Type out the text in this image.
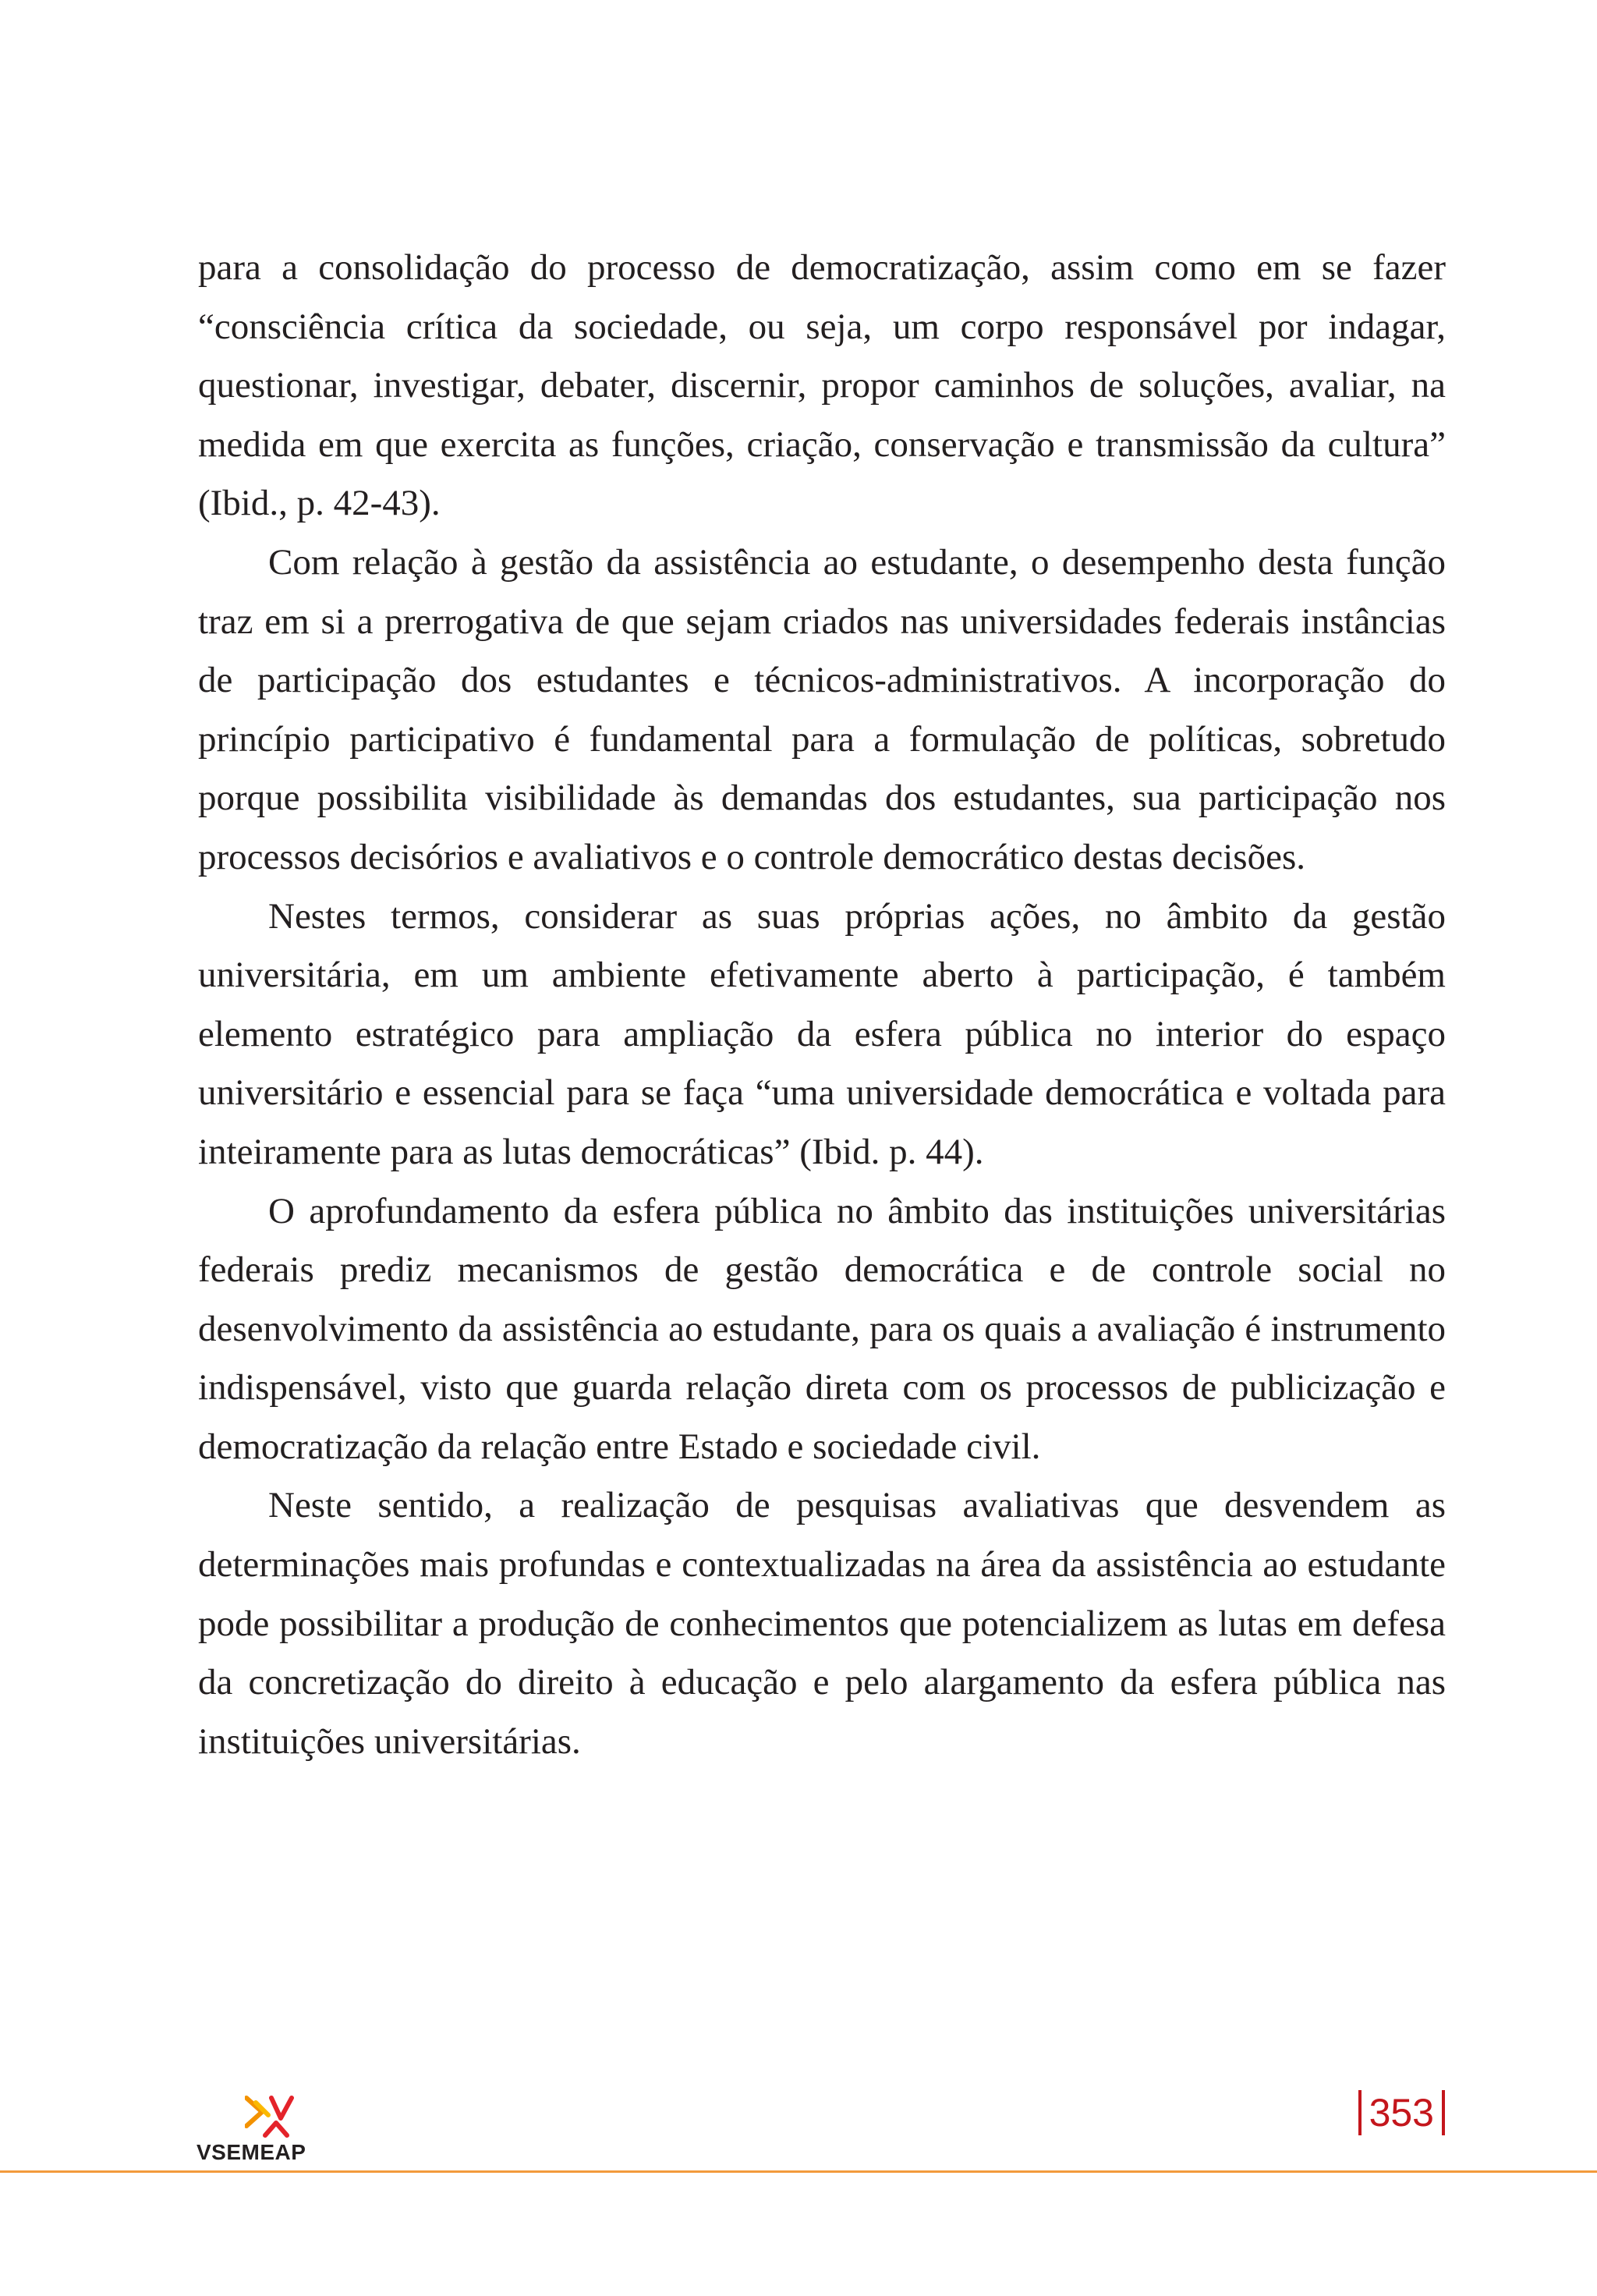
para a consolidação do processo de democratização, assim como em se fazer “consciência crítica da sociedade, ou seja, um corpo responsável por indagar, questionar, investigar, debater, discernir, propor caminhos de soluções, avaliar, na medida em que exercita as funções, criação, conservação e transmissão da cultura” (Ibid., p. 42-43).

Com relação à gestão da assistência ao estudante, o desempenho desta função traz em si a prerrogativa de que sejam criados nas universidades federais instâncias de participação dos estudantes e técnicos-administrativos. A incorporação do princípio participativo é fundamental para a formulação de políticas, sobretudo porque possibilita visibilidade às demandas dos estudantes, sua participação nos processos decisórios e avaliativos e o controle democrático destas decisões.

Nestes termos, considerar as suas próprias ações, no âmbito da gestão universitária, em um ambiente efetivamente aberto à participação, é também elemento estratégico para ampliação da esfera pública no interior do espaço universitário e essencial para se faça “uma universidade democrática e voltada para inteiramente para as lutas democráticas” (Ibid. p. 44).

O aprofundamento da esfera pública no âmbito das instituições universitárias federais prediz mecanismos de gestão democrática e de controle social no desenvolvimento da assistência ao estudante, para os quais a avaliação é instrumento indispensável, visto que guarda relação direta com os processos de publicização e democratização da relação entre Estado e sociedade civil.

Neste sentido, a realização de pesquisas avaliativas que desvendem as determinações mais profundas e contextualizadas na área da assistência ao estudante pode possibilitar a produção de conhecimentos que potencializem as lutas em defesa da concretização do direito à educação e pelo alargamento da esfera pública nas instituições universitárias.

VSEMEAP
353
